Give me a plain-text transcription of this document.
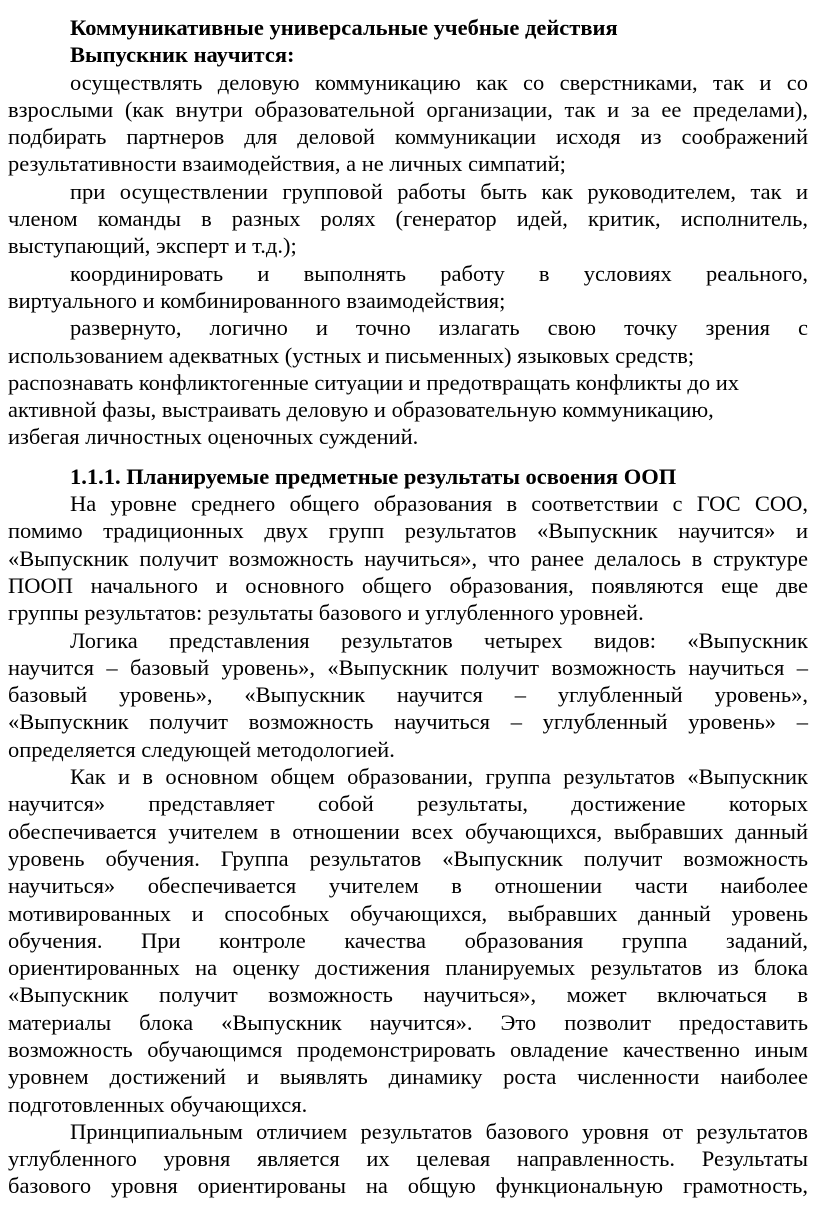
Коммуникативные универсальные учебные действия
Выпускник научится:
осуществлять деловую коммуникацию как со сверстниками, так и со
взрослыми (как внутри образовательной организации, так и за ее пределами),
подбирать партнеров для деловой коммуникации исходя из соображений
результативности взаимодействия, а не личных симпатий;
при осуществлении групповой работы быть как руководителем, так и
членом команды в разных ролях (генератор идей, критик, исполнитель,
выступающий, эксперт и т.д.);
координировать и выполнять работу в условиях реального,
виртуального и комбинированного взаимодействия;
развернуто, логично и точно излагать свою точку зрения с
использованием адекватных (устных и письменных) языковых средств;
распознавать конфликтогенные ситуации и предотвращать конфликты до их
активной фазы, выстраивать деловую и образовательную коммуникацию,
избегая личностных оценочных суждений.
1.1.1. Планируемые предметные результаты освоения ООП
На уровне среднего общего образования в соответствии с ГОС СОО,
помимо традиционных двух групп результатов «Выпускник научится» и
«Выпускник получит возможность научиться», что ранее делалось в структуре
ПООП начального и основного общего образования, появляются еще две
группы результатов: результаты базового и углубленного уровней.
Логика представления результатов четырех видов: «Выпускник
научится – базовый уровень», «Выпускник получит возможность научиться –
базовый уровень», «Выпускник научится – углубленный уровень»,
«Выпускник получит возможность научиться – углубленный уровень» –
определяется следующей методологией.
Как и в основном общем образовании, группа результатов «Выпускник
научится» представляет собой результаты, достижение которых
обеспечивается учителем в отношении всех обучающихся, выбравших данный
уровень обучения. Группа результатов «Выпускник получит возможность
научиться» обеспечивается учителем в отношении части наиболее
мотивированных и способных обучающихся, выбравших данный уровень
обучения. При контроле качества образования группа заданий,
ориентированных на оценку достижения планируемых результатов из блока
«Выпускник получит возможность научиться», может включаться в
материалы блока «Выпускник научится». Это позволит предоставить
возможность обучающимся продемонстрировать овладение качественно иным
уровнем достижений и выявлять динамику роста численности наиболее
подготовленных обучающихся.
Принципиальным отличием результатов базового уровня от результатов
углубленного уровня является их целевая направленность. Результаты
базового уровня ориентированы на общую функциональную грамотность,
